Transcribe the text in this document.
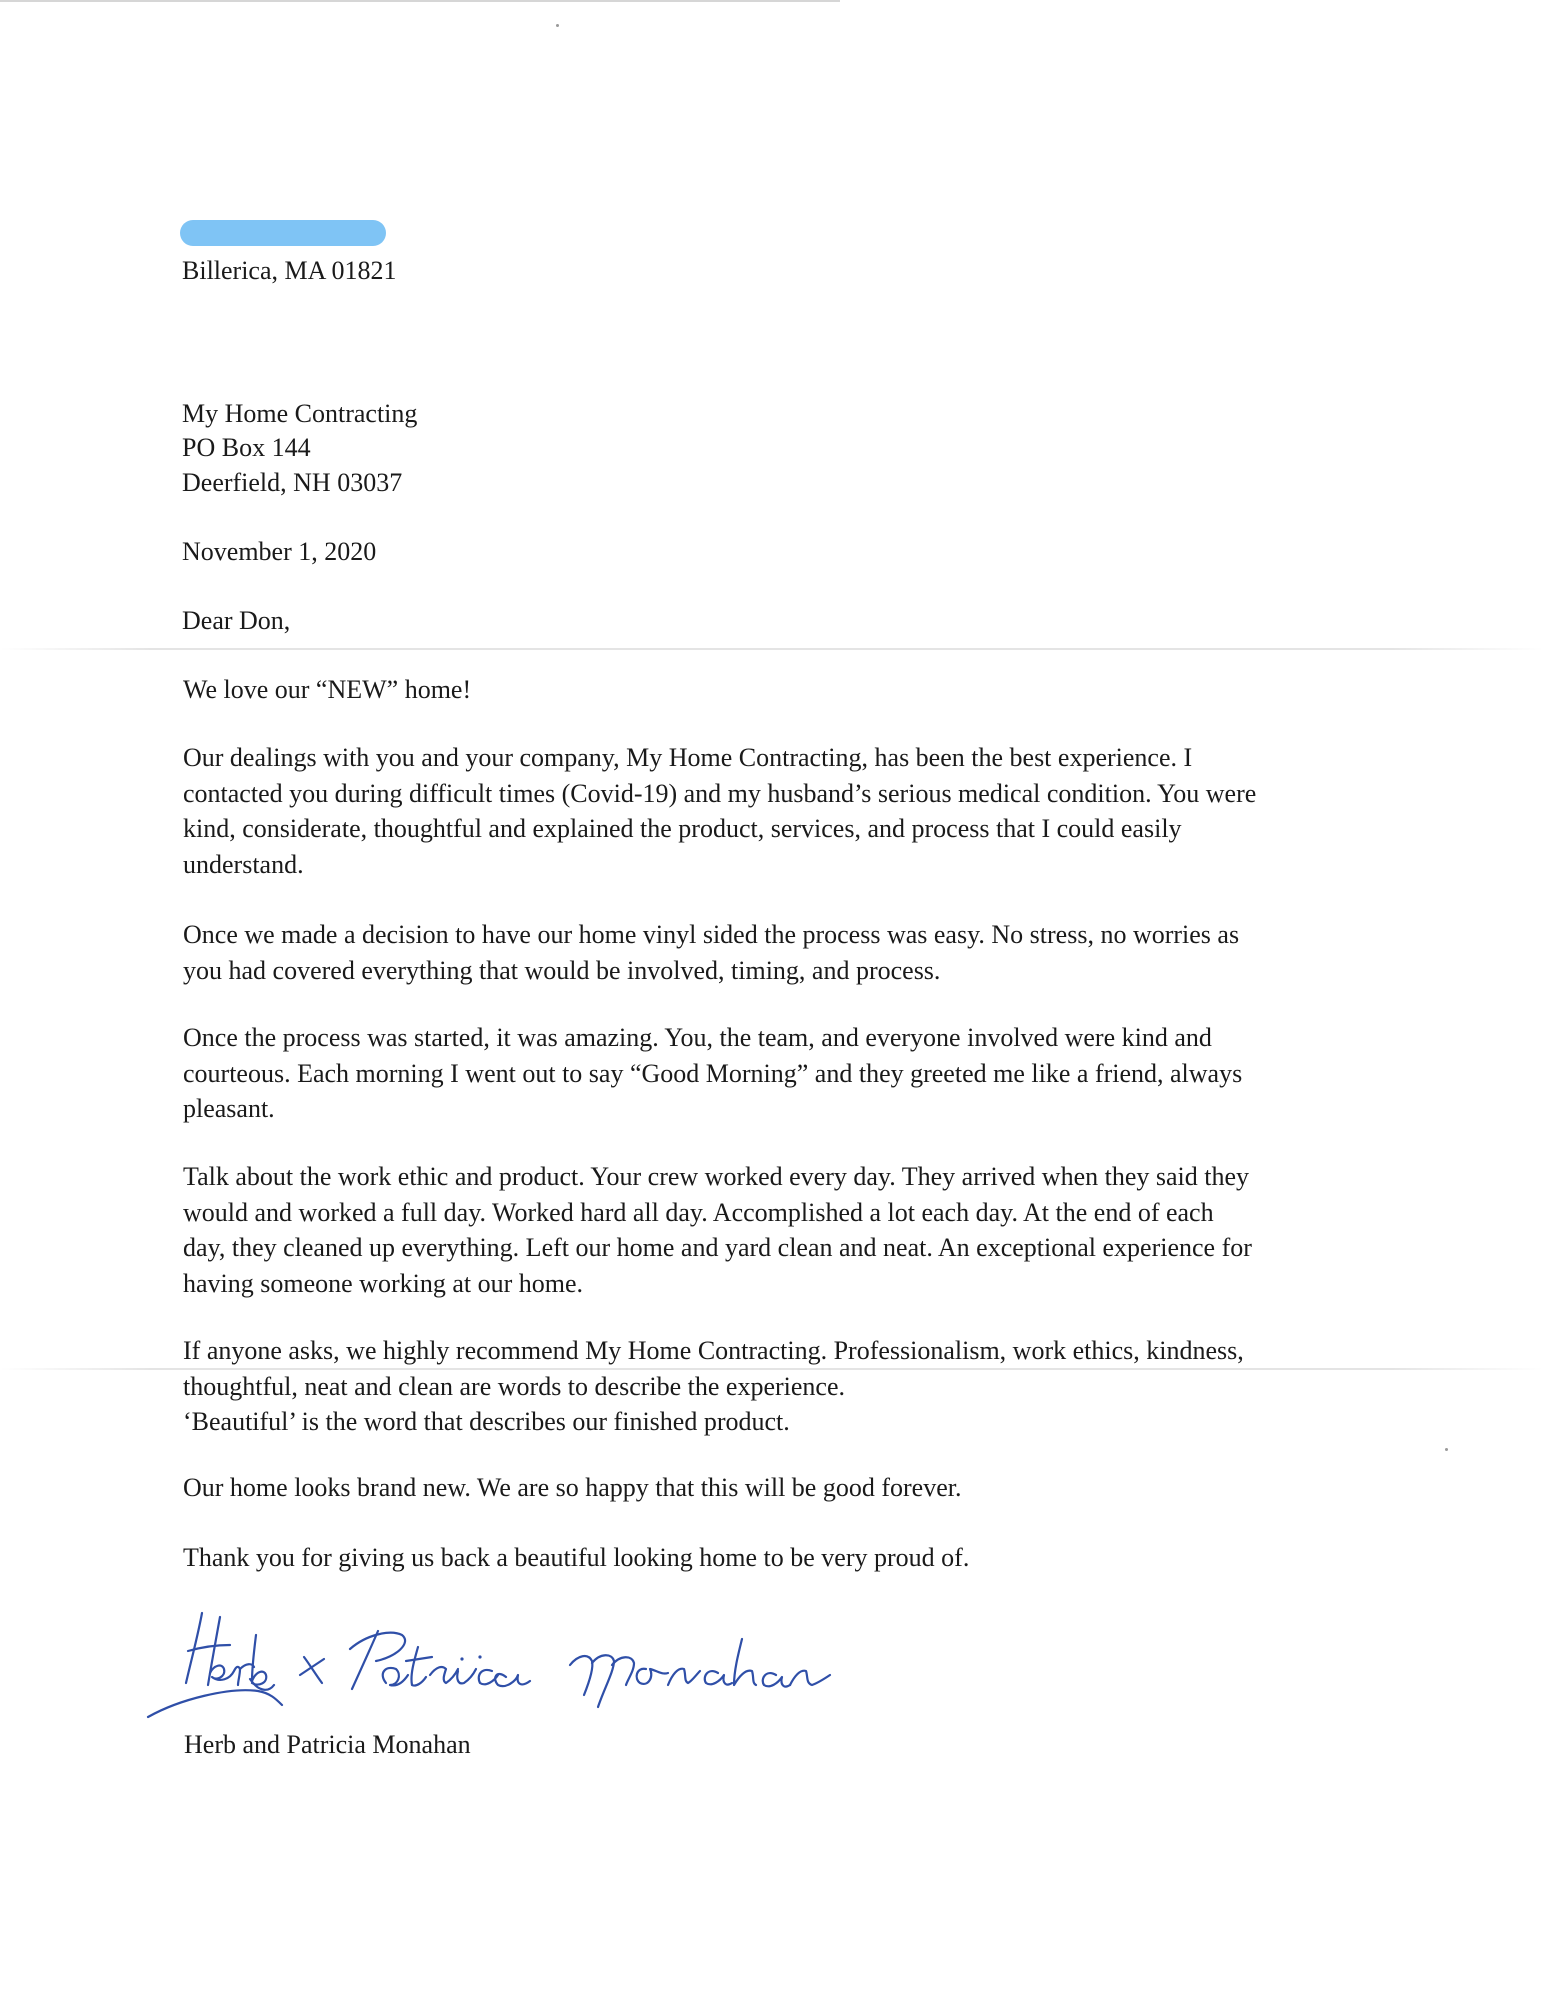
Billerica, MA 01821
My Home Contracting
PO Box 144
Deerfield, NH 03037
November 1, 2020
Dear Don,
We love our “NEW” home!
Our dealings with you and your company, My Home Contracting, has been the best experience. I
contacted you during difficult times (Covid-19) and my husband’s serious medical condition. You were
kind, considerate, thoughtful and explained the product, services, and process that I could easily
understand.
Once we made a decision to have our home vinyl sided the process was easy. No stress, no worries as
you had covered everything that would be involved, timing, and process.
Once the process was started, it was amazing. You, the team, and everyone involved were kind and
courteous. Each morning I went out to say “Good Morning” and they greeted me like a friend, always
pleasant.
Talk about the work ethic and product. Your crew worked every day. They arrived when they said they
would and worked a full day. Worked hard all day. Accomplished a lot each day. At the end of each
day, they cleaned up everything. Left our home and yard clean and neat. An exceptional experience for
having someone working at our home.
If anyone asks, we highly recommend My Home Contracting. Professionalism, work ethics, kindness,
thoughtful, neat and clean are words to describe the experience.
‘Beautiful’ is the word that describes our finished product.
Our home looks brand new. We are so happy that this will be good forever.
Thank you for giving us back a beautiful looking home to be very proud of.
Herb and Patricia Monahan
